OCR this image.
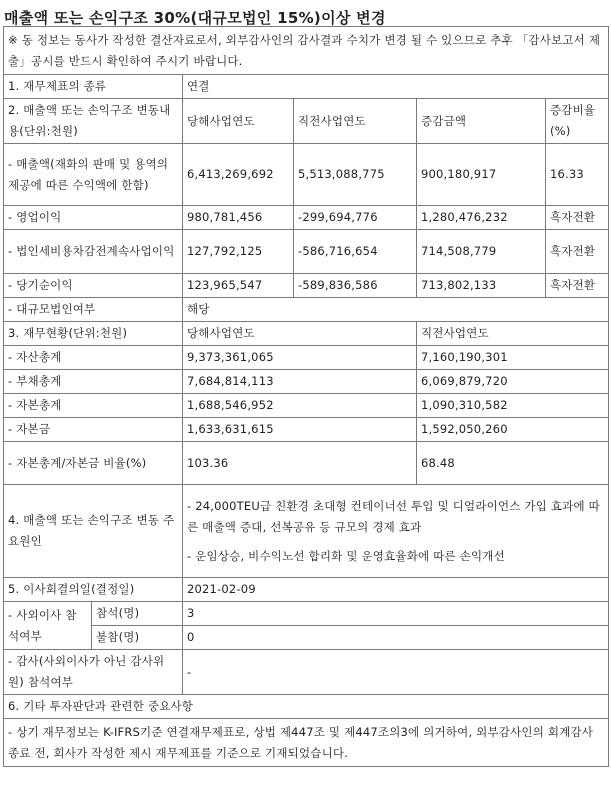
매출액 또는 손익구조 30%(대규모법인 15%)이상 변경
※ 동 정보는 동사가 작성한 결산자료로서, 외부감사인의 감사결과 수치가 변경 될 수 있으므로 추후 「감사보고서 제출」공시를 반드시 확인하여 주시기 바랍니다.					
1. 재무제표의 종류		연결			
2. 매출액 또는 손익구조 변동내용(단위:천원)		당해사업연도	직전사업연도	증감금액	증감비율(%)
- 매출액(재화의 판매 및 용역의 제공에 따른 수익액에 한함)		6,413,269,692	5,513,088,775	900,180,917	16.33
- 영업이익		980,781,456	-299,694,776	1,280,476,232	흑자전환
- 법인세비용차감전계속사업이익		127,792,125	-586,716,654	714,508,779	흑자전환
- 당기순이익		123,965,547	-589,836,586	713,802,133	흑자전환
- 대규모법인여부		해당			
3. 재무현황(단위:천원)		당해사업연도		직전사업연도	
- 자산총계		9,373,361,065		7,160,190,301	
- 부채총계		7,684,814,113		6,069,879,720	
- 자본총계		1,688,546,952		1,090,310,582	
- 자본금		1,633,631,615		1,592,050,260	
- 자본총계/자본금 비율(%)		103.36		68.48	
4. 매출액 또는 손익구조 변동 주요원인		- 24,000TEU급 친환경 초대형 컨테이너선 투입 및 디얼라이언스 가입 효과에 따른 매출액 증대, 선복공유 등 규모의 경제 효과
- 운임상승, 비수익노선 합리화 및 운영효율화에 따른 손익개선			

5. 이사회결의일(결정일)		2021-02-09			
- 사외이사 참석여부	참석(명)	3			
	불참(명)	0			
- 감사(사외이사가 아닌 감사위원) 참석여부		-			
6. 기타 투자판단과 관련한 중요사항					
- 상기 재무정보는 K-IFRS기준 연결재무제표로, 상법 제447조 및 제447조의3에 의거하여, 외부감사인의 회계감사 종료 전, 회사가 작성한 제시 재무제표를 기준으로 기재되었습니다.					
